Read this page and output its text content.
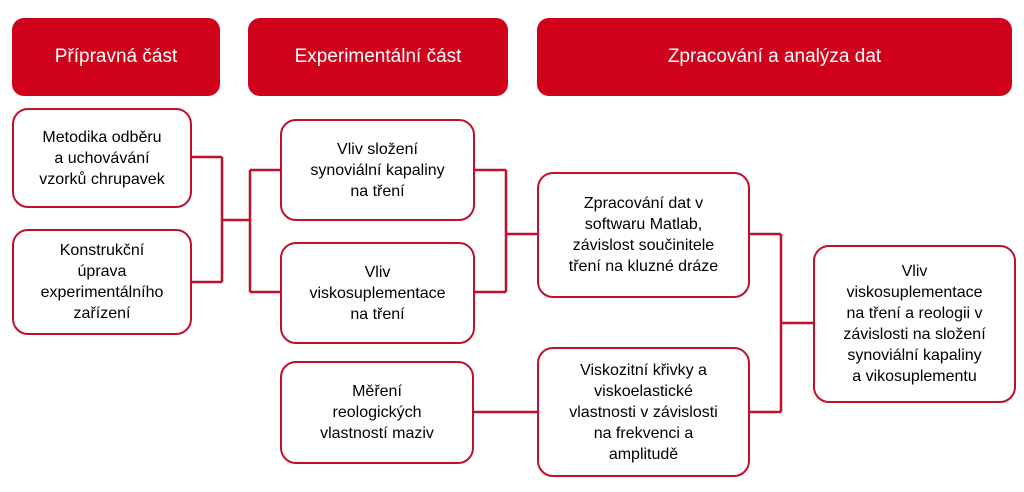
Přípravná část	Experimentální část	Zpracování a analýza dat
Metodika odběru
a uchovávání
vzorků chrupavek
Konstrukční
úprava
experimentálního
zařízení
Vliv složení
synoviální kapaliny
na tření
Vliv
viskosuplementace
na tření
Měření
reologických
vlastností maziv
Zpracování dat v
softwaru Matlab,
závislost součinitele
tření na kluzné dráze
Viskozitní křivky a
viskoelastické
vlastnosti v závislosti
na frekvenci a
amplitudě
Vliv
viskosuplementace
na tření a reologii v
závislosti na složení
synoviální kapaliny
a vikosuplementu
